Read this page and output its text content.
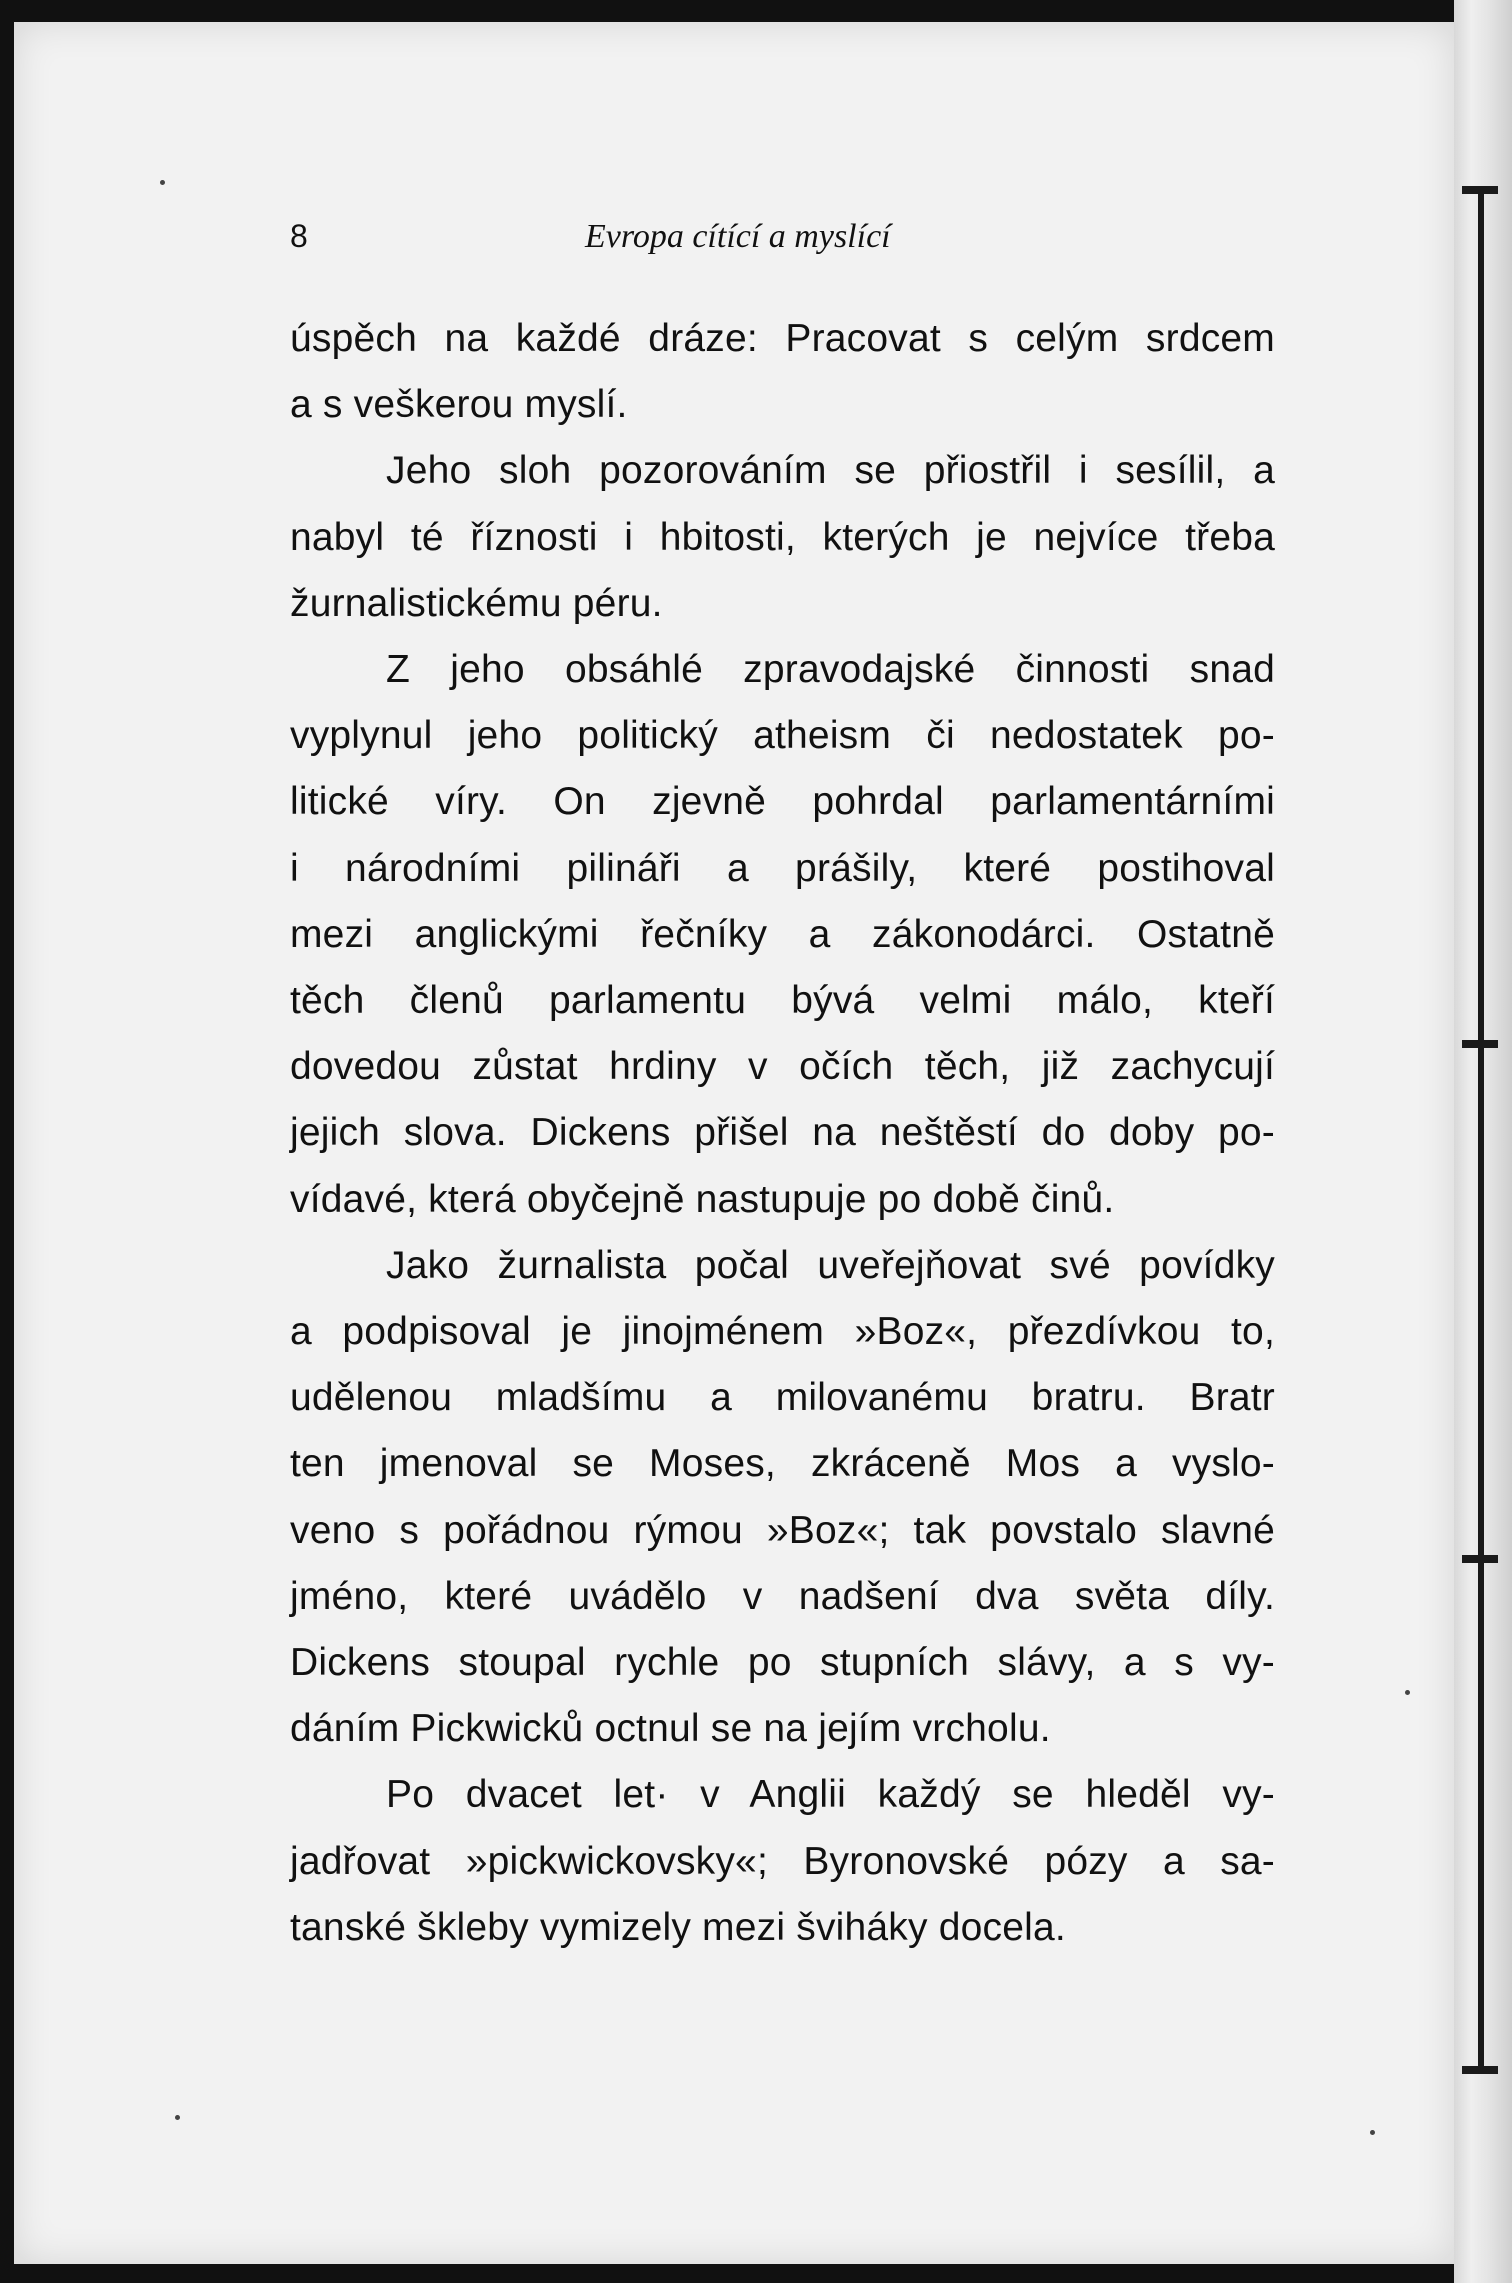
8	Evropa cítící a myslící

úspěch na každé dráze: Pracovat s celým srdcem
a s veškerou myslí.

Jeho sloh pozorováním se přiostřil i sesílil, a
nabyl té říznosti i hbitosti, kterých je nejvíce třeba
žurnalistickému péru.

Z jeho obsáhlé zpravodajské činnosti snad
vyplynul jeho politický atheism či nedostatek po-
litické víry. On zjevně pohrdal parlamentárními
i národními pilináři a prášily, které postihoval
mezi anglickými řečníky a zákonodárci. Ostatně
těch členů parlamentu bývá velmi málo, kteří
dovedou zůstat hrdiny v očích těch, již zachycují
jejich slova. Dickens přišel na neštěstí do doby po-
vídavé, která obyčejně nastupuje po době činů.

Jako žurnalista počal uveřejňovat své povídky
a podpisoval je jinojménem »Boz«, přezdívkou to,
udělenou mladšímu a milovanému bratru. Bratr
ten jmenoval se Moses, zkráceně Mos a vyslo-
veno s pořádnou rýmou »Boz«; tak povstalo slavné
jméno, které uvádělo v nadšení dva světa díly.
Dickens stoupal rychle po stupních slávy, a s vy-
dáním Pickwicků octnul se na jejím vrcholu.

Po dvacet let· v Anglii každý se hleděl vy-
jadřovat »pickwickovsky«; Byronovské pózy a sa-
tanské škleby vymizely mezi šviháky docela.
